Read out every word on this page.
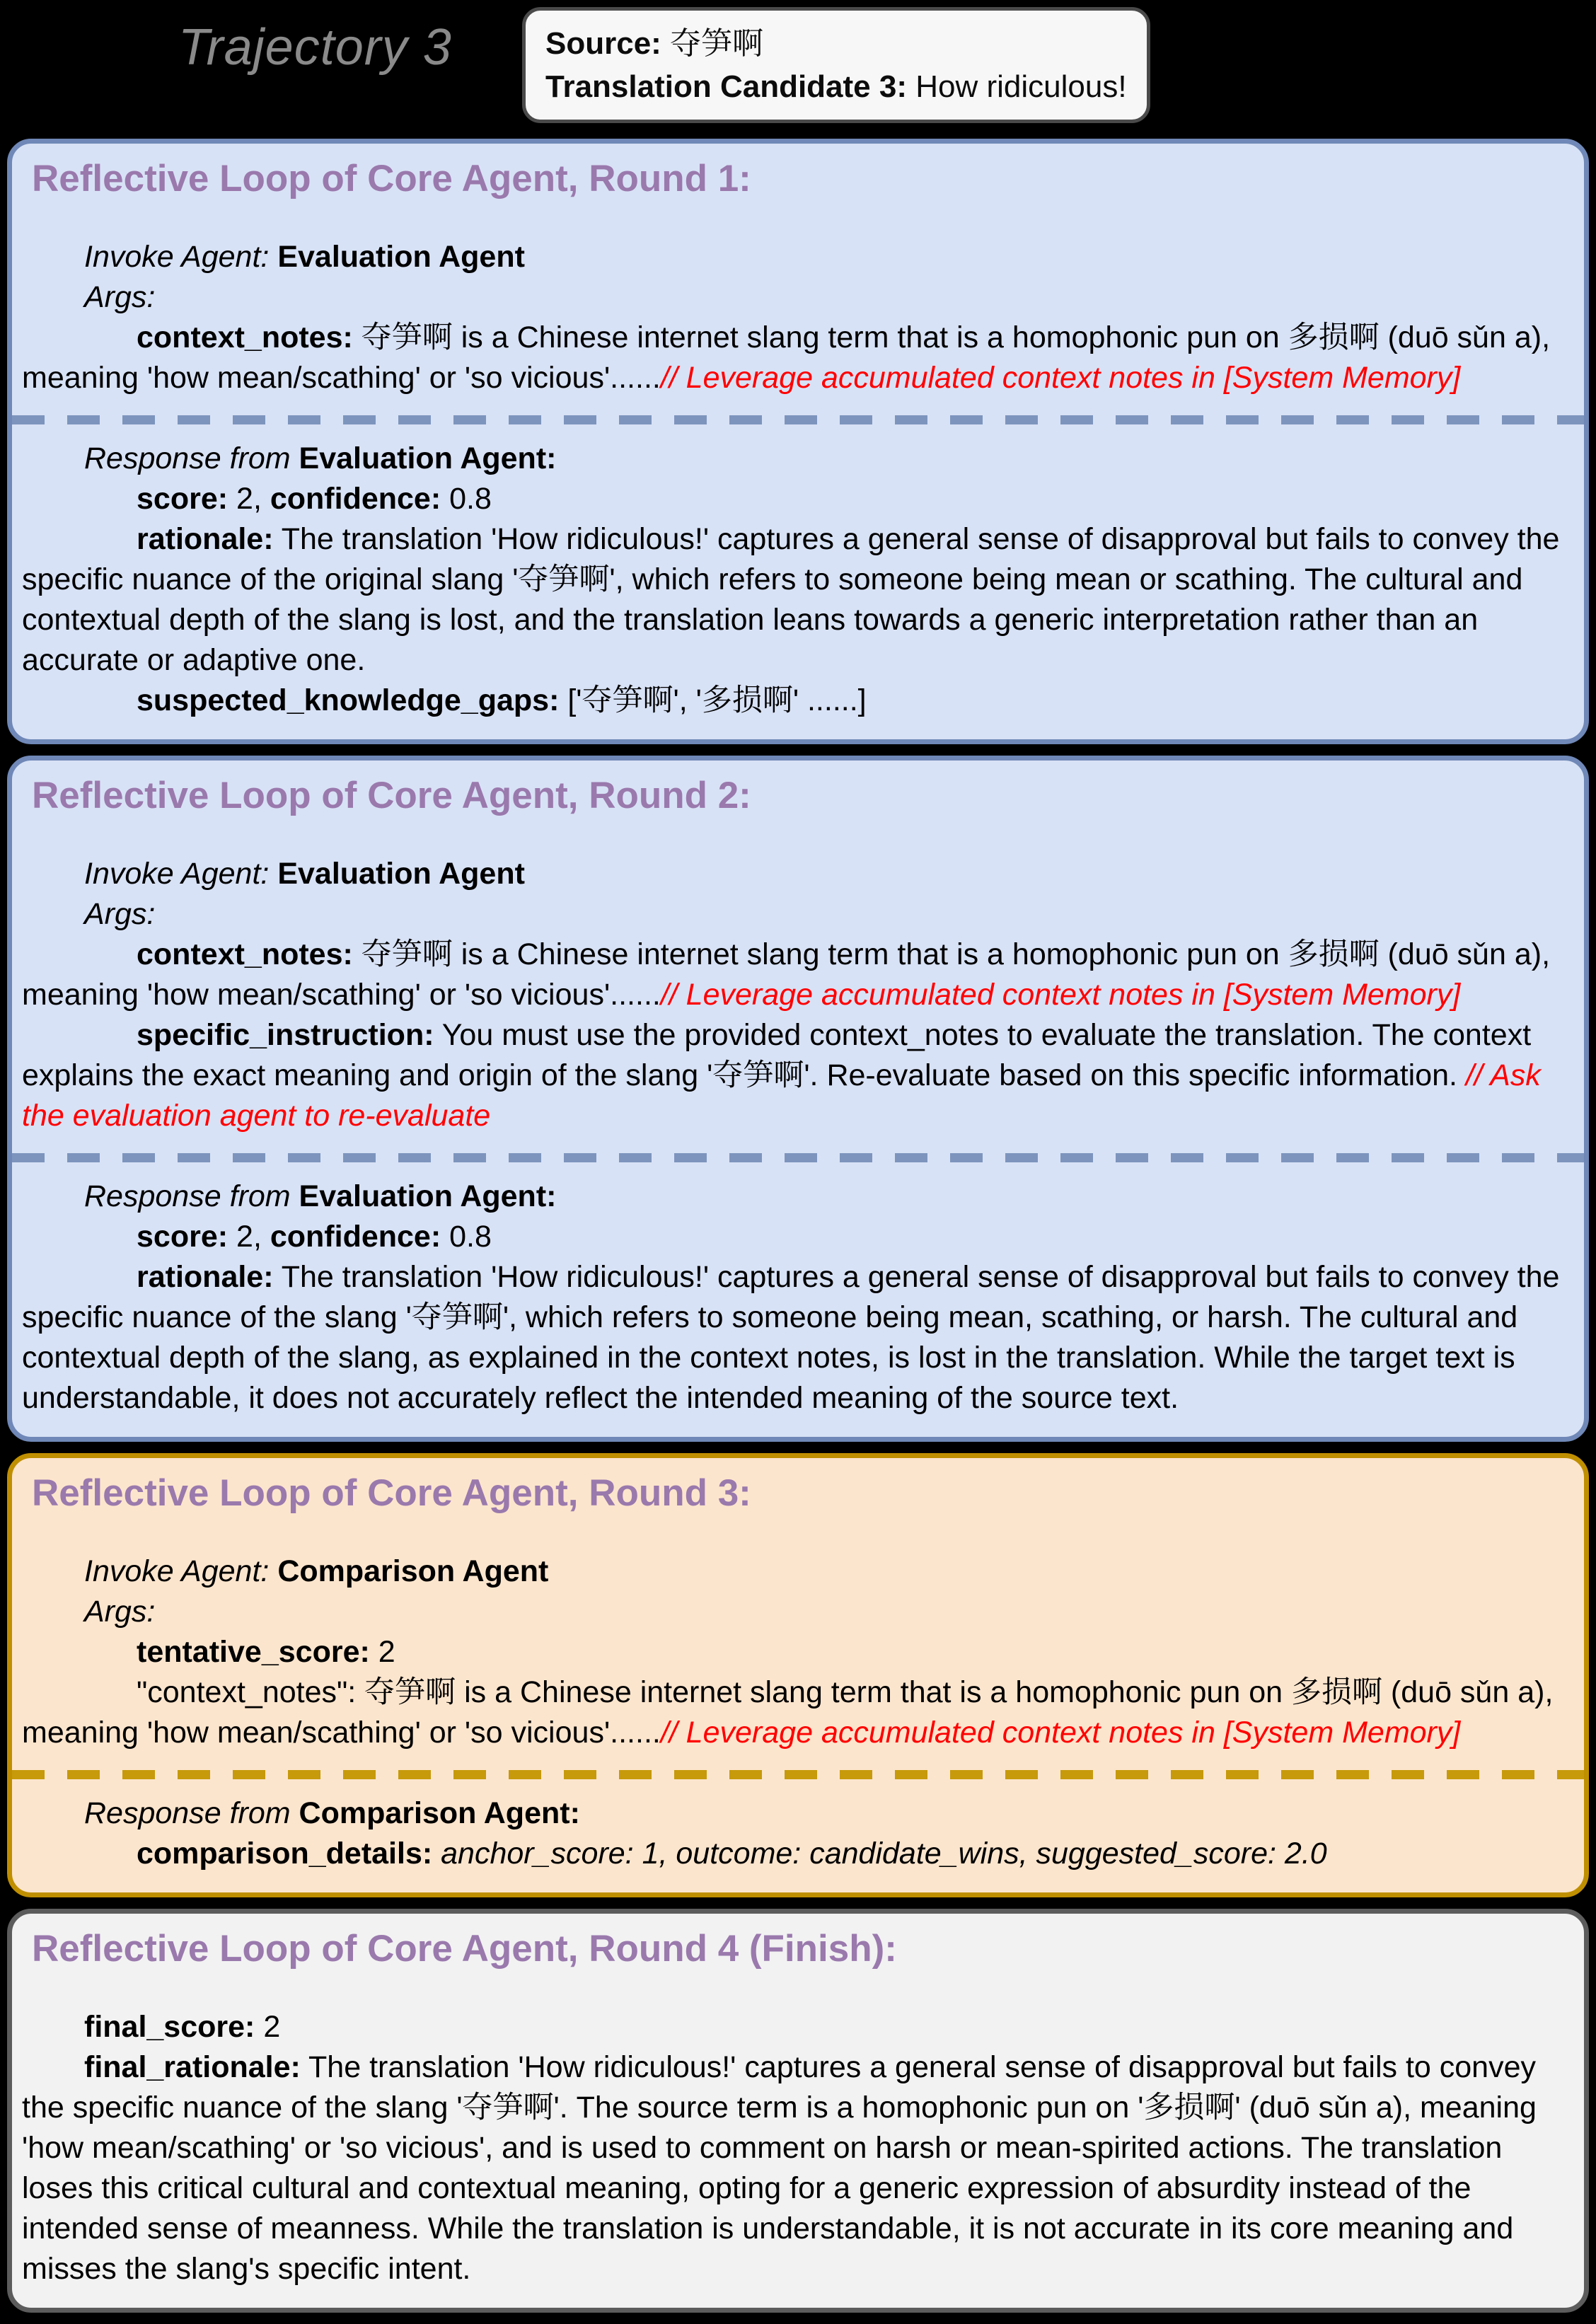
Trajectory 3	Source: 夺笋啊
Translation Candidate 3: How ridiculous!
Reflective Loop of Core Agent, Round 1:

Invoke Agent: Evaluation Agent

Args:

context_notes: 夺笋啊 is a Chinese internet slang term that is a homophonic pun on 多损啊 (duō sǔn a), meaning 'how mean/scathing' or 'so vicious'......// Leverage accumulated context notes in [System Memory]

Response from Evaluation Agent:

score: 2, confidence: 0.8

rationale: The translation 'How ridiculous!' captures a general sense of disapproval but fails to convey the specific nuance of the original slang '夺笋啊', which refers to someone being mean or scathing. The cultural and contextual depth of the slang is lost, and the translation leans towards a generic interpretation rather than an accurate or adaptive one.

suspected_knowledge_gaps: ['夺笋啊', '多损啊' ......]

Reflective Loop of Core Agent, Round 2:

Invoke Agent: Evaluation Agent

Args:

context_notes: 夺笋啊 is a Chinese internet slang term that is a homophonic pun on 多损啊 (duō sǔn a), meaning 'how mean/scathing' or 'so vicious'......// Leverage accumulated context notes in [System Memory]

specific_instruction: You must use the provided context_notes to evaluate the translation. The context explains the exact meaning and origin of the slang '夺笋啊'. Re-evaluate based on this specific information. // Ask the evaluation agent to re-evaluate

Response from Evaluation Agent:

score: 2, confidence: 0.8

rationale: The translation 'How ridiculous!' captures a general sense of disapproval but fails to convey the specific nuance of the slang '夺笋啊', which refers to someone being mean, scathing, or harsh. The cultural and contextual depth of the slang, as explained in the context notes, is lost in the translation. While the target text is understandable, it does not accurately reflect the intended meaning of the source text.

Reflective Loop of Core Agent, Round 3:

Invoke Agent: Comparison Agent

Args:

tentative_score: 2

"context_notes": 夺笋啊 is a Chinese internet slang term that is a homophonic pun on 多损啊 (duō sǔn a), meaning 'how mean/scathing' or 'so vicious'......// Leverage accumulated context notes in [System Memory]

Response from Comparison Agent:

comparison_details: anchor_score: 1, outcome: candidate_wins, suggested_score: 2.0

Reflective Loop of Core Agent, Round 4 (Finish):

final_score: 2

final_rationale: The translation 'How ridiculous!' captures a general sense of disapproval but fails to convey the specific nuance of the slang '夺笋啊'. The source term is a homophonic pun on '多损啊' (duō sǔn a), meaning 'how mean/scathing' or 'so vicious', and is used to comment on harsh or mean-spirited actions. The translation loses this critical cultural and contextual meaning, opting for a generic expression of absurdity instead of the intended sense of meanness. While the translation is understandable, it is not accurate in its core meaning and misses the slang's specific intent.
